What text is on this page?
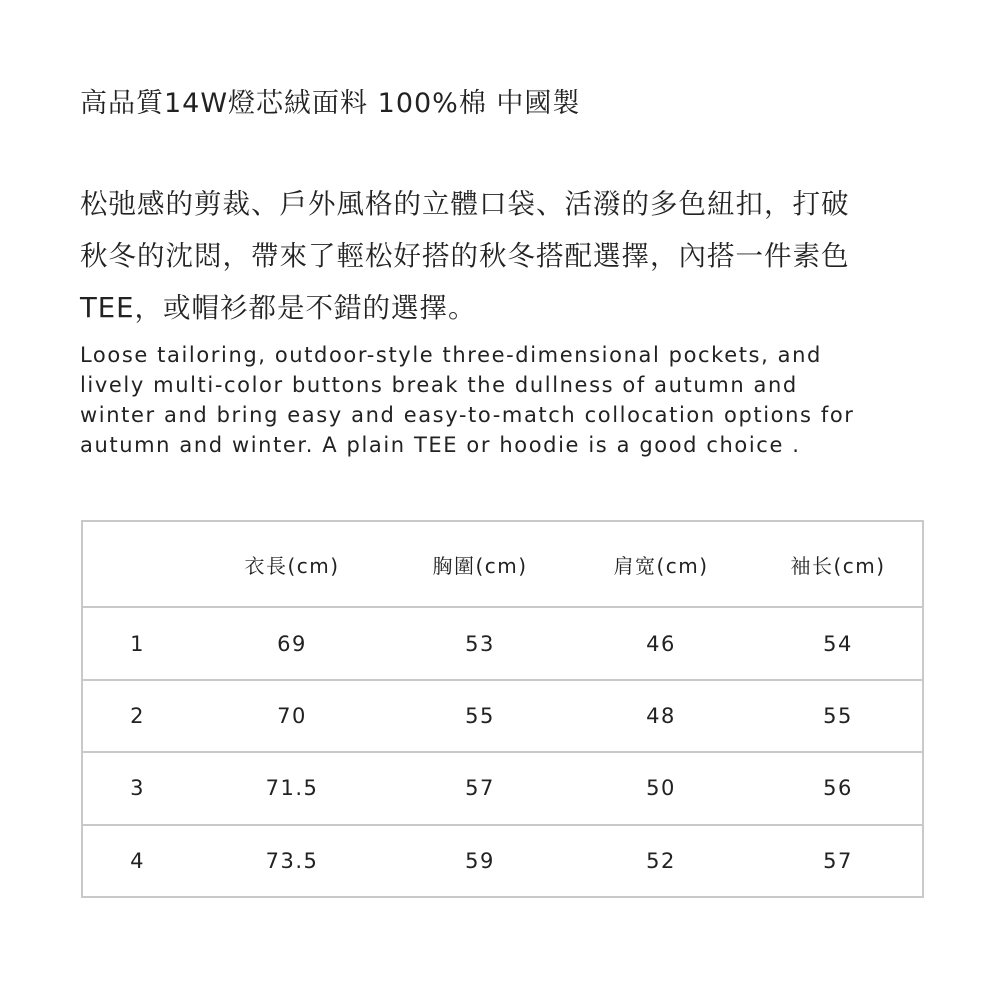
高品質14W燈芯絨面料 100%棉 中國製

松弛感的剪裁、戶外風格的立體口袋、活潑的多色紐扣，打破
秋冬的沈悶，帶來了輕松好搭的秋冬搭配選擇，內搭一件素色
TEE，或帽衫都是不錯的選擇。

Loose tailoring, outdoor-style three-dimensional pockets, and
lively multi-color buttons break the dullness of autumn and
winter and bring easy and easy-to-match collocation options for
autumn and winter. A plain TEE or hoodie is a good choice .

	衣長(cm)	胸圍(cm)	肩宽(cm)	袖长(cm)
1	69	53	46	54
2	70	55	48	55
3	71.5	57	50	56
4	73.5	59	52	57
